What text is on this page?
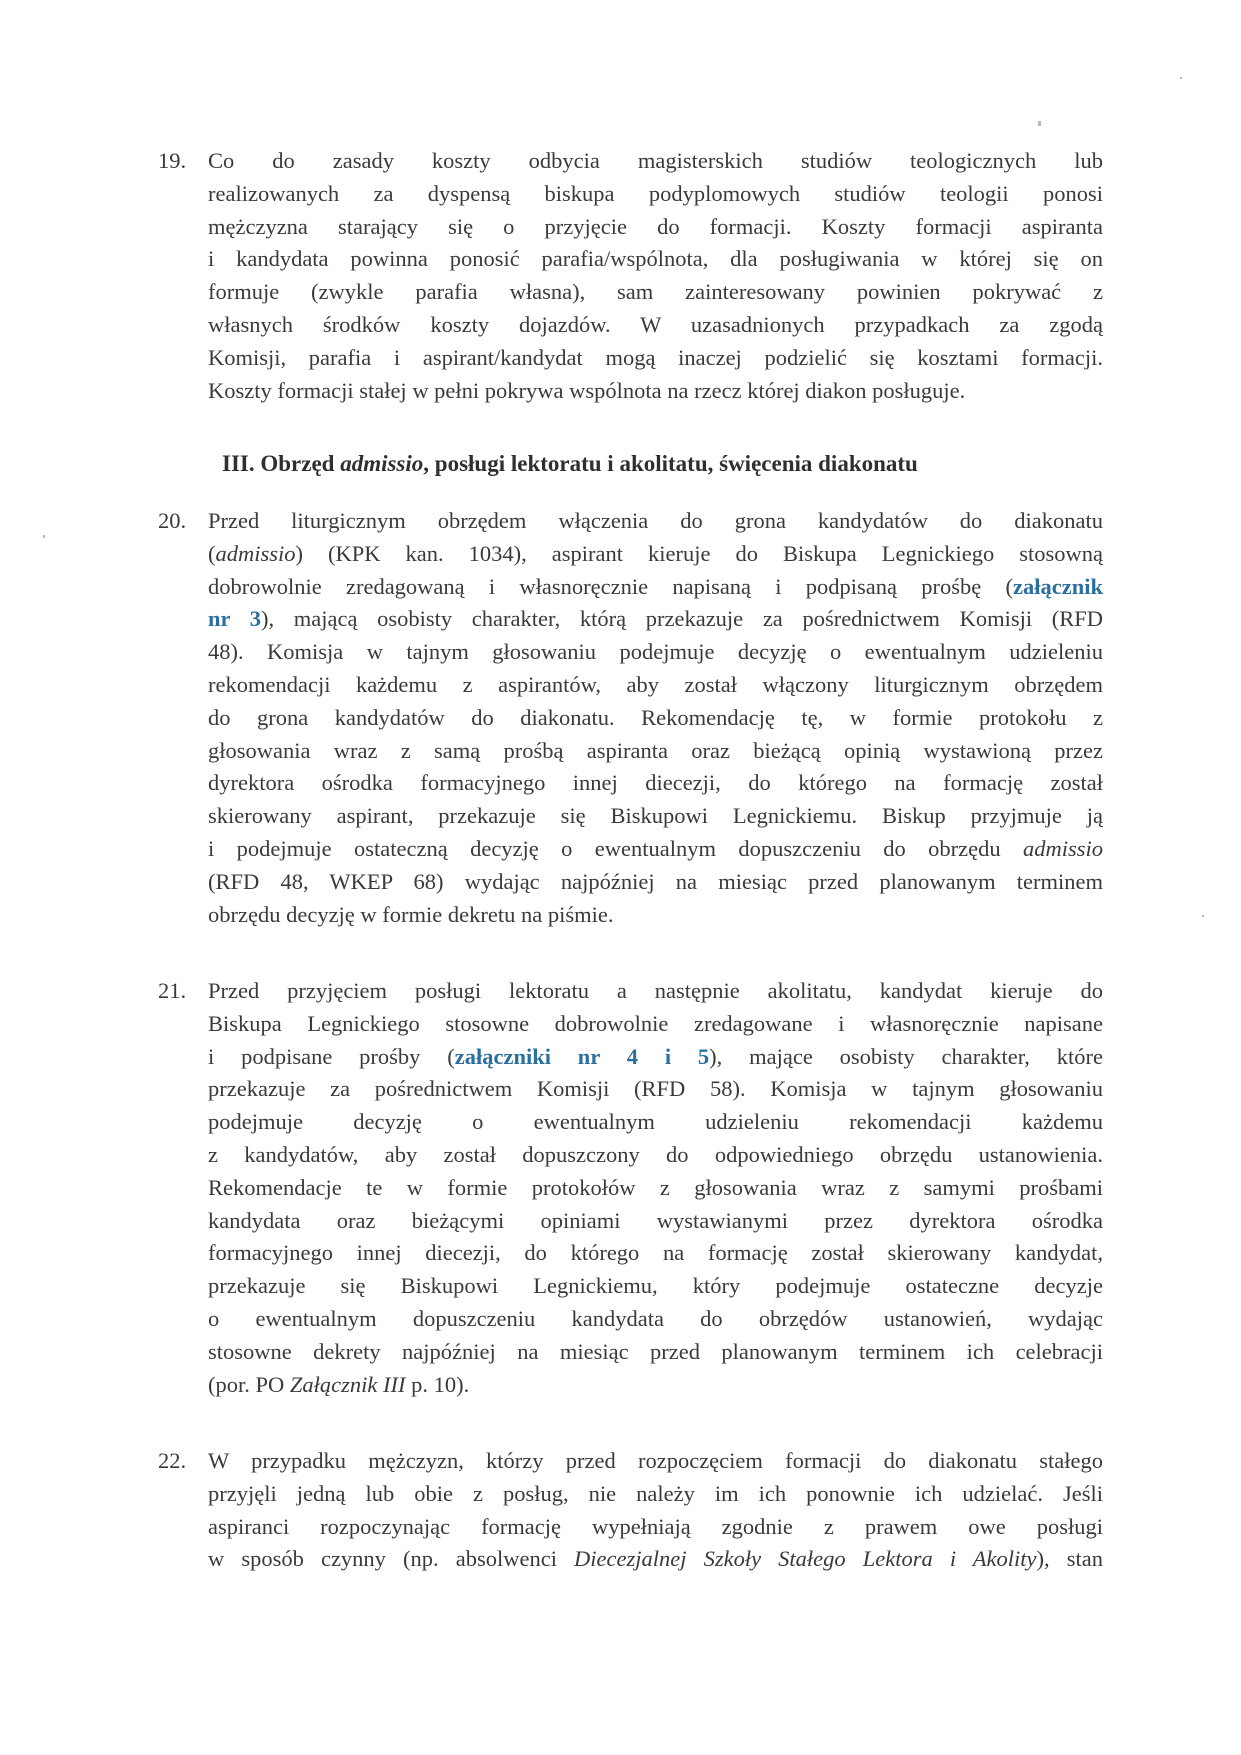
19. Co do zasady koszty odbycia magisterskich studiów teologicznych lub
realizowanych za dyspensą biskupa podyplomowych studiów teologii ponosi
mężczyzna starający się o przyjęcie do formacji. Koszty formacji aspiranta
i kandydata powinna ponosić parafia/wspólnota, dla posługiwania w której się on
formuje (zwykle parafia własna), sam zainteresowany powinien pokrywać z
własnych środków koszty dojazdów. W uzasadnionych przypadkach za zgodą
Komisji, parafia i aspirant/kandydat mogą inaczej podzielić się kosztami formacji.
Koszty formacji stałej w pełni pokrywa wspólnota na rzecz której diakon posługuje.
III. Obrzęd admissio, posługi lektoratu i akolitatu, święcenia diakonatu
20. Przed liturgicznym obrzędem włączenia do grona kandydatów do diakonatu
(admissio) (KPK kan. 1034), aspirant kieruje do Biskupa Legnickiego stosowną
dobrowolnie zredagowaną i własnoręcznie napisaną i podpisaną prośbę (załącznik
nr 3), mającą osobisty charakter, którą przekazuje za pośrednictwem Komisji (RFD
48). Komisja w tajnym głosowaniu podejmuje decyzję o ewentualnym udzieleniu
rekomendacji każdemu z aspirantów, aby został włączony liturgicznym obrzędem
do grona kandydatów do diakonatu. Rekomendację tę, w formie protokołu z
głosowania wraz z samą prośbą aspiranta oraz bieżącą opinią wystawioną przez
dyrektora ośrodka formacyjnego innej diecezji, do którego na formację został
skierowany aspirant, przekazuje się Biskupowi Legnickiemu. Biskup przyjmuje ją
i podejmuje ostateczną decyzję o ewentualnym dopuszczeniu do obrzędu admissio
(RFD 48, WKEP 68) wydając najpóźniej na miesiąc przed planowanym terminem
obrzędu decyzję w formie dekretu na piśmie.
21. Przed przyjęciem posługi lektoratu a następnie akolitatu, kandydat kieruje do
Biskupa Legnickiego stosowne dobrowolnie zredagowane i własnoręcznie napisane
i podpisane prośby (załączniki nr 4 i 5), mające osobisty charakter, które
przekazuje za pośrednictwem Komisji (RFD 58). Komisja w tajnym głosowaniu
podejmuje decyzję o ewentualnym udzieleniu rekomendacji każdemu
z kandydatów, aby został dopuszczony do odpowiedniego obrzędu ustanowienia.
Rekomendacje te w formie protokołów z głosowania wraz z samymi prośbami
kandydata oraz bieżącymi opiniami wystawianymi przez dyrektora ośrodka
formacyjnego innej diecezji, do którego na formację został skierowany kandydat,
przekazuje się Biskupowi Legnickiemu, który podejmuje ostateczne decyzje
o ewentualnym dopuszczeniu kandydata do obrzędów ustanowień, wydając
stosowne dekrety najpóźniej na miesiąc przed planowanym terminem ich celebracji
(por. PO Załącznik III p. 10).
22. W przypadku mężczyzn, którzy przed rozpoczęciem formacji do diakonatu stałego
przyjęli jedną lub obie z posług, nie należy im ich ponownie ich udzielać. Jeśli
aspiranci rozpoczynając formację wypełniają zgodnie z prawem owe posługi
w sposób czynny (np. absolwenci Diecezjalnej Szkoły Stałego Lektora i Akolity), stan
